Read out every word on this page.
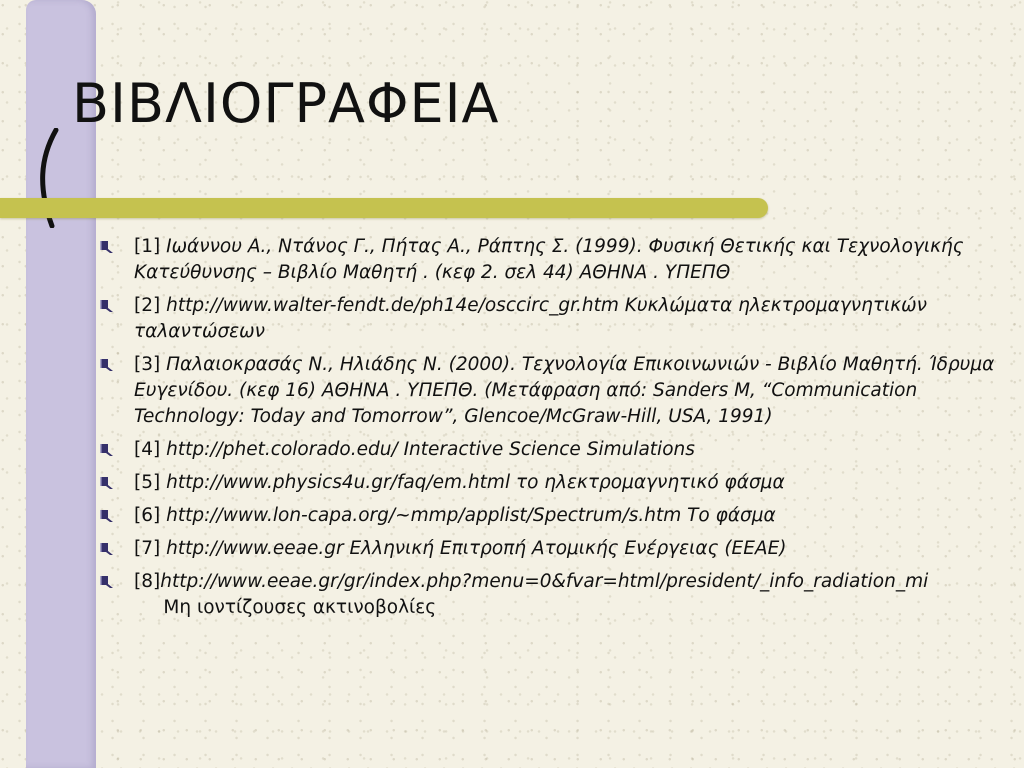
ΒΙΒΛΙΟΓΡΑΦΕΙΑ
[1] Ιωάννου Α., Ντάνος Γ., Πήτας Α., Ράπτης Σ. (1999). Φυσική Θετικής και Τεχνολογικής Κατεύθυνσης – Βιβλίο Μαθητή . (κεφ 2. σελ 44) ΑΘΗΝΑ . ΥΠΕΠΘ
[2] http://www.walter-fendt.de/ph14e/osccirc_gr.htm Κυκλώματα ηλεκτρομαγνητικών ταλαντώσεων
[3] Παλαιοκρασάς Ν., Ηλιάδης Ν. (2000). Τεχνολογία Επικοινωνιών - Βιβλίο Μαθητή. Ίδρυμα Ευγενίδου. (κεφ 16) ΑΘΗΝΑ . ΥΠΕΠΘ. (Μετάφραση από: Sanders M, “Communication Technology: Today and Tomorrow”, Glencoe/McGraw-Hill, USA, 1991)
[4] http://phet.colorado.edu/ Interactive Science Simulations
[5] http://www.physics4u.gr/faq/em.html το ηλεκτρομαγνητικό φάσμα
[6] http://www.lon-capa.org/~mmp/applist/Spectrum/s.htm Το φάσμα
[7] http://www.eeae.gr Ελληνική Επιτροπή Ατομικής Ενέργειας (ΕΕΑΕ)
[8]http://www.eeae.gr/gr/index.php?menu=0&fvar=html/president/_info_radiation_mi     Μη ιοντίζουσες ακτινοβολίες
